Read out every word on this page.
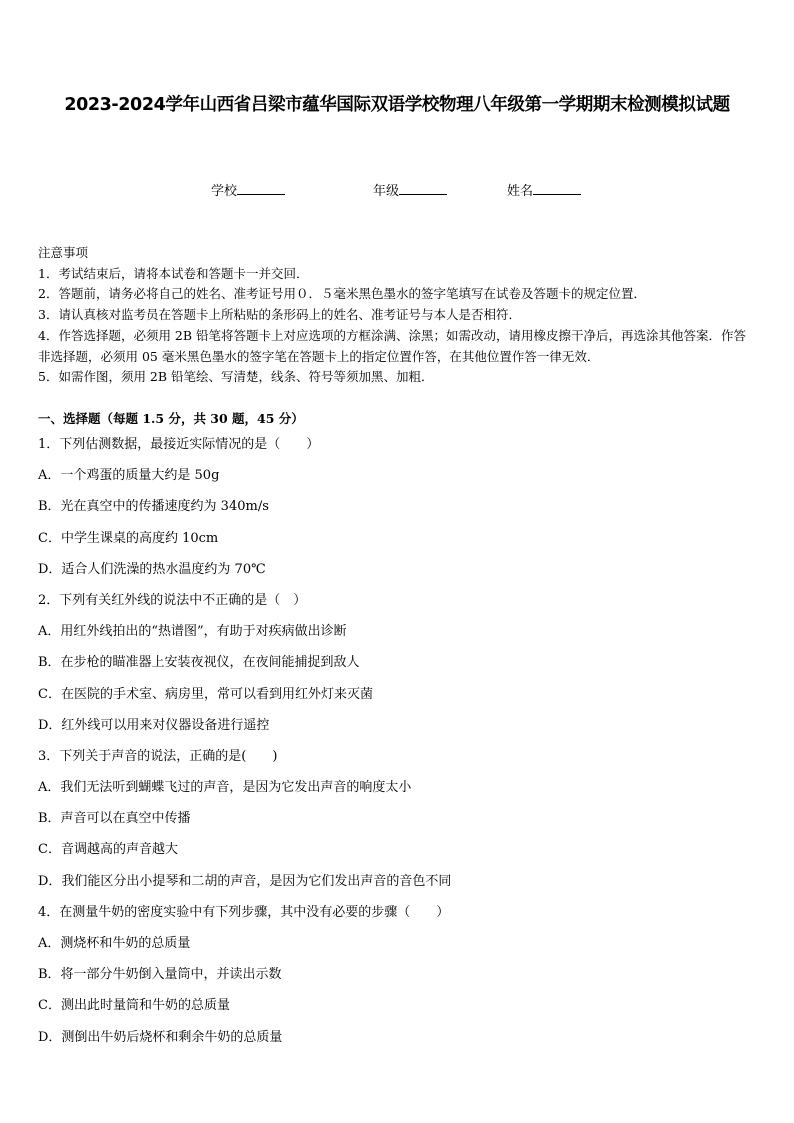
2023-2024学年山西省吕梁市蕴华国际双语学校物理八年级第一学期期末检测模拟试题
学校	年级	姓名
注意事项
1．考试结束后，请将本试卷和答题卡一并交回．
2．答题前，请务必将自己的姓名、准考证号用０．５毫米黑色墨水的签字笔填写在试卷及答题卡的规定位置．
3．请认真核对监考员在答题卡上所粘贴的条形码上的姓名、准考证号与本人是否相符．
4．作答选择题，必须用 2B 铅笔将答题卡上对应选项的方框涂满、涂黑；如需改动，请用橡皮擦干净后，再选涂其他答案．作答非选择题，必须用 05 毫米黑色墨水的签字笔在答题卡上的指定位置作答，在其他位置作答一律无效．
5．如需作图，须用 2B 铅笔绘、写清楚，线条、符号等须加黑、加粗．
一、选择题（每题 1.5 分，共 30 题，45 分）
1．下列估测数据，最接近实际情况的是（　　）
A．一个鸡蛋的质量大约是 50g
B．光在真空中的传播速度约为 340m/s
C．中学生课桌的高度约 10cm
D．适合人们洗澡的热水温度约为 70℃
2．下列有关红外线的说法中不正确的是（　）
A．用红外线拍出的“热谱图”，有助于对疾病做出诊断
B．在步枪的瞄准器上安装夜视仪，在夜间能捕捉到敌人
C．在医院的手术室、病房里，常可以看到用红外灯来灭菌
D．红外线可以用来对仪器设备进行遥控
3．下列关于声音的说法，正确的是(　　)
A．我们无法听到蝴蝶飞过的声音，是因为它发出声音的响度太小
B．声音可以在真空中传播
C．音调越高的声音越大
D．我们能区分出小提琴和二胡的声音，是因为它们发出声音的音色不同
4．在测量牛奶的密度实验中有下列步骤，其中没有必要的步骤（　　）
A．测烧杯和牛奶的总质量
B．将一部分牛奶倒入量筒中，并读出示数
C．测出此时量筒和牛奶的总质量
D．测倒出牛奶后烧杯和剩余牛奶的总质量
